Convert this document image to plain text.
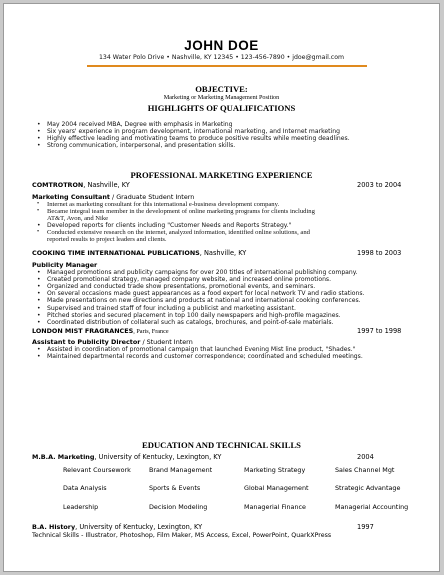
JOHN DOE
134 Water Polo Drive • Nashville, KY 12345 • 123-456-7890 • jdoe@gmail.com
OBJECTIVE:
Marketing or Marketing Management Position
HIGHLIGHTS OF QUALIFICATIONS
• May 2004 received MBA, Degree with emphasis in Marketing
• Six years' experience in program development, international marketing, and Internet marketing
• Highly effective leading and motivating teams to produce positive results while meeting deadlines.
• Strong communication, interpersonal, and presentation skills.
PROFESSIONAL MARKETING EXPERIENCE
COMTROTRON, Nashville, KY	2003 to 2004
Marketing Consultant / Graduate Student Intern
• Internet as marketing consultant for this international e-business development company.
• Became integral team member in the development of online marketing programs for clients including
AT&T, Avon, and Nike
• Developed reports for clients including "Customer Needs and Reports Strategy."
• Conducted extensive research on the internet, analyzed information, identified online solutions, and
reported results to project leaders and clients.
COOKING TIME INTERNATIONAL PUBLICATIONS, Nashville, KY	1998 to 2003
Publicity Manager
• Managed promotions and publicity campaigns for over 200 titles of international publishing company.
• Created promotional strategy, managed company website, and increased online promotions.
• Organized and conducted trade show presentations, promotional events, and seminars.
• On several occasions made guest appearances as a food expert for local network TV and radio stations.
• Made presentations on new directions and products at national and international cooking conferences.
• Supervised and trained staff of four including a publicist and marketing assistant.
• Pitched stories and secured placement in top 100 daily newspapers and high-profile magazines.
• Coordinated distribution of collateral such as catalogs, brochures, and point-of-sale materials.
LONDON MIST FRAGRANCES, Paris, France	1997 to 1998
Assistant to Publicity Director / Student Intern
• Assisted in coordination of promotional campaign that launched Evening Mist line product, "Shades."
• Maintained departmental records and customer correspondence; coordinated and scheduled meetings.
EDUCATION AND TECHNICAL SKILLS
M.B.A. Marketing, University of Kentucky, Lexington, KY	2004
Relevant Coursework	Brand Management	Marketing Strategy	Sales Channel Mgt
Data Analysis	Sports & Events	Global Management	Strategic Advantage
Leadership	Decision Modeling	Managerial Finance	Managerial Accounting
B.A. History, University of Kentucky, Lexington, KY	1997
Technical Skills - Illustrator, Photoshop, Film Maker, MS Access, Excel, PowerPoint, QuarkXPress
